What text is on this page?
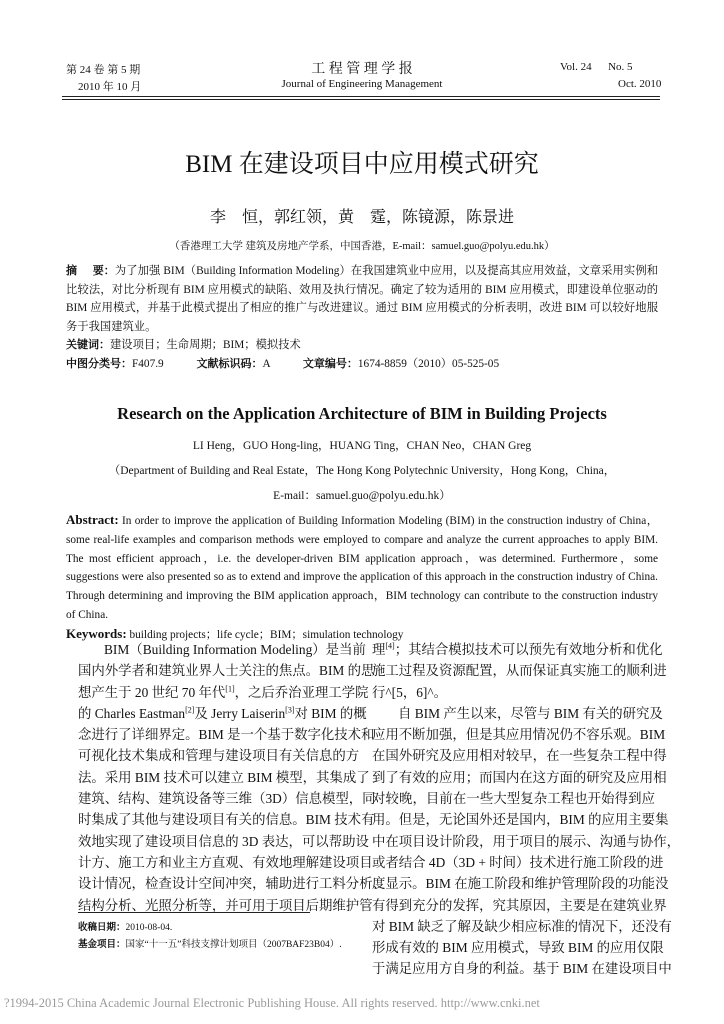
第 24 卷 第 5 期
2010 年 10 月
工 程 管 理 学 报
Journal of Engineering Management
Vol. 24      No. 5
Oct. 2010
BIM 在建设项目中应用模式研究
李    恒，郭红领，黄    霆，陈镜源，陈景进
（香港理工大学 建筑及房地产学系，中国香港，E-mail：samuel.guo@polyu.edu.hk）
摘    要：为了加强 BIM（Building Information Modeling）在我国建筑业中应用，以及提高其应用效益，文章采用实例和比较法，对比分析现有 BIM 应用模式的缺陷、效用及执行情况。确定了较为适用的 BIM 应用模式，即建设单位驱动的 BIM 应用模式，并基于此模式提出了相应的推广与改进建议。通过 BIM 应用模式的分析表明，改进 BIM 可以较好地服务于我国建筑业。
关键词：建设项目；生命周期；BIM；模拟技术
中图分类号：F407.9	文献标识码：A	文章编号：1674-8859（2010）05-525-05
Research on the Application Architecture of BIM in Building Projects
LI Heng，GUO Hong-ling，HUANG Ting，CHAN Neo，CHAN Greg
（Department of Building and Real Estate，The Hong Kong Polytechnic University，Hong Kong，China，
E-mail：samuel.guo@polyu.edu.hk）
Abstract: In order to improve the application of Building Information Modeling (BIM) in the construction industry of China，some real-life examples and comparison methods were employed to compare and analyze the current approaches to apply BIM. The most efficient approach，i.e. the developer-driven BIM application approach，was determined. Furthermore，some suggestions were also presented so as to extend and improve the application of this approach in the construction industry of China. Through determining and improving the BIM application approach，BIM technology can contribute to the construction industry of China.
Keywords: building projects；life cycle；BIM；simulation technology
BIM（Building Information Modeling）是当前
国内外学者和建筑业界人士关注的焦点。BIM 的思
想产生于 20 世纪 70 年代[1]，之后乔治亚理工学院
的 Charles Eastman[2]及 Jerry Laiserin[3]对 BIM 的概
念进行了详细界定。BIM 是一个基于数字化技术和
可视化技术集成和管理与建设项目有关信息的方
法。采用 BIM 技术可以建立 BIM 模型，其集成了
建筑、结构、建筑设备等三维（3D）信息模型，同
时集成了其他与建设项目有关的信息。BIM 技术有
效地实现了建设项目信息的 3D 表达，可以帮助设
计方、施工方和业主方直观、有效地理解建设项目
设计情况，检查设计空间冲突，辅助进行工料分析、
结构分析、光照分析等，并可用于项目后期维护管
理[4]；其结合模拟技术可以预先有效地分析和优化
施工过程及资源配置，从而保证真实施工的顺利进
行^[5，6]^。
自 BIM 产生以来，尽管与 BIM 有关的研究及
应用不断加强，但是其应用情况仍不容乐观。BIM
在国外研究及应用相对较早，在一些复杂工程中得
到了有效的应用；而国内在这方面的研究及应用相
对较晚，目前在一些大型复杂工程也开始得到应
用。但是，无论国外还是国内，BIM 的应用主要集
中在项目设计阶段，用于项目的展示、沟通与协作，
或者结合 4D（3D + 时间）技术进行施工阶段的进
度显示。BIM 在施工阶段和维护管理阶段的功能没
有得到充分的发挥，究其原因，主要是在建筑业界
对 BIM 缺乏了解及缺少相应标准的情况下，还没有
形成有效的 BIM 应用模式，导致 BIM 的应用仅限
于满足应用方自身的利益。基于 BIM 在建设项目中
收稿日期：2010-08-04.
基金项目：国家“十一五”科技支撑计划项目（2007BAF23B04）.
?1994-2015 China Academic Journal Electronic Publishing House. All rights reserved. http://www.cnki.net
